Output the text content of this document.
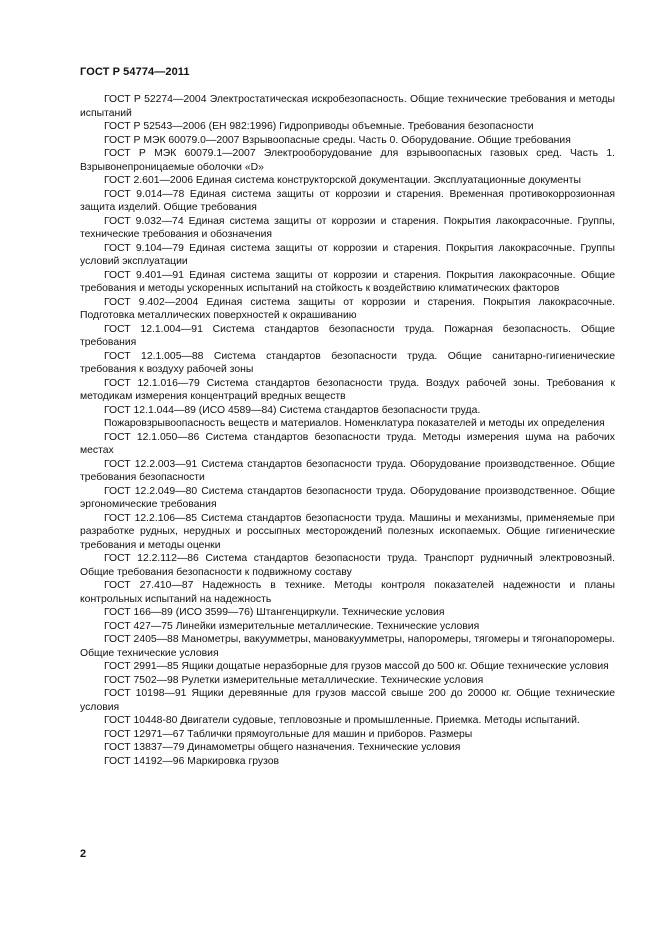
ГОСТ Р 54774—2011

ГОСТ Р 52274—2004 Электростатическая искробезопасность. Общие технические требования и методы испытаний

ГОСТ Р 52543—2006 (ЕН 982:1996) Гидроприводы объемные. Требования безопасности

ГОСТ Р МЭК 60079.0—2007 Взрывоопасные среды. Часть 0. Оборудование. Общие требования

ГОСТ Р МЭК 60079.1—2007 Электрооборудование для взрывоопасных газовых сред. Часть 1. Взрывонепроницаемые оболочки «D»

ГОСТ 2.601—2006 Единая система конструкторской документации. Эксплуатационные документы

ГОСТ 9.014—78 Единая система защиты от коррозии и старения. Временная противокоррозионная защита изделий. Общие требования

ГОСТ 9.032—74 Единая система защиты от коррозии и старения. Покрытия лакокрасочные. Группы, технические требования и обозначения

ГОСТ 9.104—79 Единая система защиты от коррозии и старения. Покрытия лакокрасочные. Группы условий эксплуатации

ГОСТ 9.401—91 Единая система защиты от коррозии и старения. Покрытия лакокрасочные. Общие требования и методы ускоренных испытаний на стойкость к воздействию климатических факторов

ГОСТ 9.402—2004 Единая система защиты от коррозии и старения. Покрытия лакокрасочные. Подготовка металлических поверхностей к окрашиванию

ГОСТ 12.1.004—91 Система стандартов безопасности труда. Пожарная безопасность. Общие требования

ГОСТ 12.1.005—88 Система стандартов безопасности труда. Общие санитарно-гигиенические требования к воздуху рабочей зоны

ГОСТ 12.1.016—79 Система стандартов безопасности труда. Воздух рабочей зоны. Требования к методикам измерения концентраций вредных веществ

ГОСТ 12.1.044—89 (ИСО 4589—84) Система стандартов безопасности труда.

Пожаровзрывоопасность веществ и материалов. Номенклатура показателей и методы их определения

ГОСТ 12.1.050—86 Система стандартов безопасности труда. Методы измерения шума на рабочих местах

ГОСТ 12.2.003—91 Система стандартов безопасности труда. Оборудование производственное. Общие требования безопасности

ГОСТ 12.2.049—80 Система стандартов безопасности труда. Оборудование производственное. Общие эргономические требования

ГОСТ 12.2.106—85 Система стандартов безопасности труда. Машины и механизмы, применяемые при разработке рудных, нерудных и россыпных месторождений полезных ископаемых. Общие гигиенические требования и методы оценки

ГОСТ 12.2.112—86 Система стандартов безопасности труда. Транспорт рудничный электровозный. Общие требования безопасности к подвижному составу

ГОСТ 27.410—87 Надежность в технике. Методы контроля показателей надежности и планы контрольных испытаний на надежность

ГОСТ 166—89 (ИСО 3599—76) Штангенциркули. Технические условия

ГОСТ 427—75 Линейки измерительные металлические. Технические условия

ГОСТ 2405—88 Манометры, вакуумметры, мановакуумметры, напоромеры, тягомеры и тягонапоромеры. Общие технические условия

ГОСТ 2991—85 Ящики дощатые неразборные для грузов массой до 500 кг. Общие технические условия

ГОСТ 7502—98 Рулетки измерительные металлические. Технические условия

ГОСТ 10198—91 Ящики деревянные для грузов массой свыше 200 до 20000 кг. Общие технические условия

ГОСТ 10448-80 Двигатели судовые, тепловозные и промышленные. Приемка. Методы испытаний.

ГОСТ 12971—67 Таблички прямоугольные для машин и приборов. Размеры

ГОСТ 13837—79 Динамометры общего назначения. Технические условия

ГОСТ 14192—96 Маркировка грузов

2
